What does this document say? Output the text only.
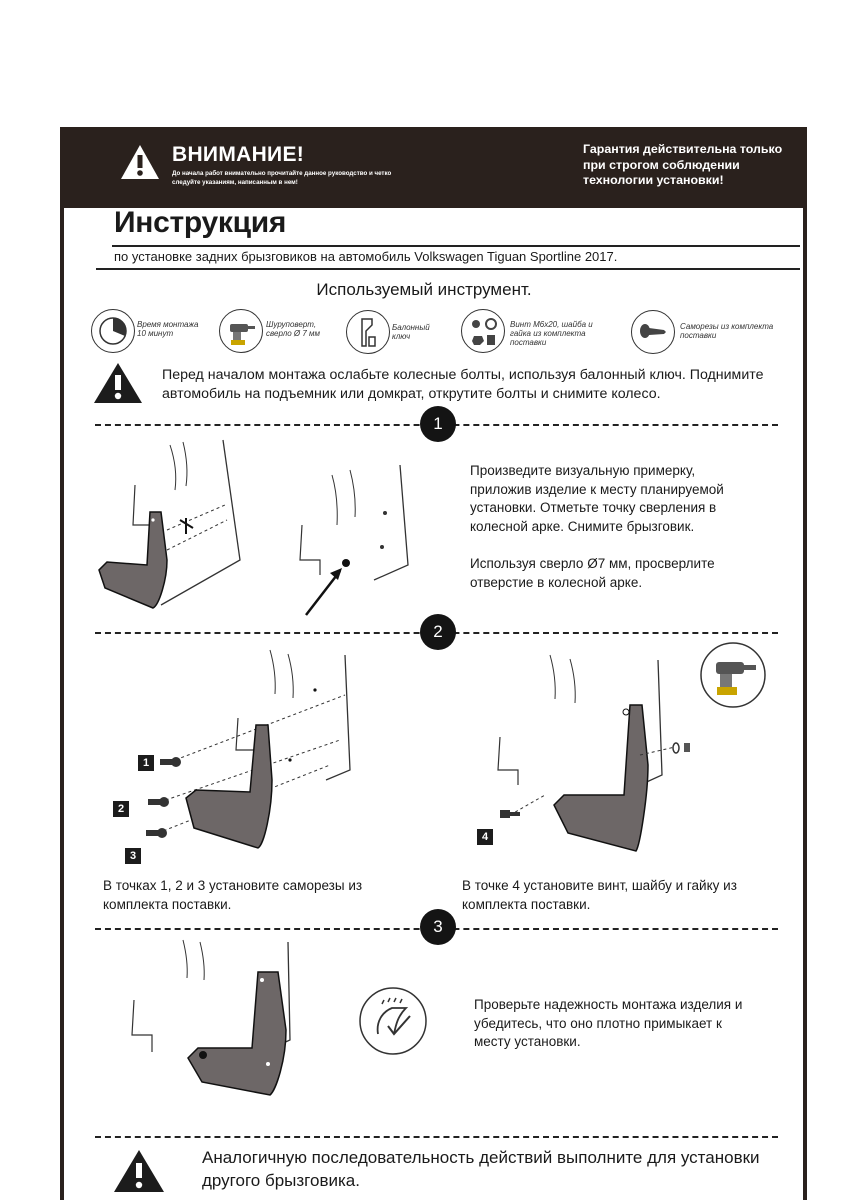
ВНИМАНИЕ!
До начала работ внимательно прочитайте данное руководство и четко следуйте указаниям, написанным в нем!
Гарантия действительна только при строгом соблюдении технологии установки!
Инструкция
по установке задних брызговиков на автомобиль Volkswagen Tiguan Sportline 2017.
Используемый инструмент.
Время монтажа 10 минут
Шуруповерт, сверло Ø 7 мм
Балонный ключ
Винт М6х20, шайба и гайка из комплекта поставки
Саморезы из комплекта поставки
Перед началом монтажа ослабьте колесные болты, используя балонный ключ. Поднимите автомобиль на подъемник или домкрат, открутите болты и снимите колесо.
1
Произведите визуальную примерку, приложив изделие к месту планируемой установки. Отметьте точку сверления в колесной арке. Снимите брызговик.
Используя сверло Ø7 мм, просверлите отверстие в колесной арке.
2
1
2
3
4
В точках 1, 2 и 3 установите саморезы из комплекта поставки.
В точке 4 установите винт, шайбу и гайку из комплекта поставки.
3
Проверьте надежность монтажа изделия и убедитесь, что оно плотно примыкает к месту установки.
Аналогичную последовательность действий выполните для установки другого брызговика.
